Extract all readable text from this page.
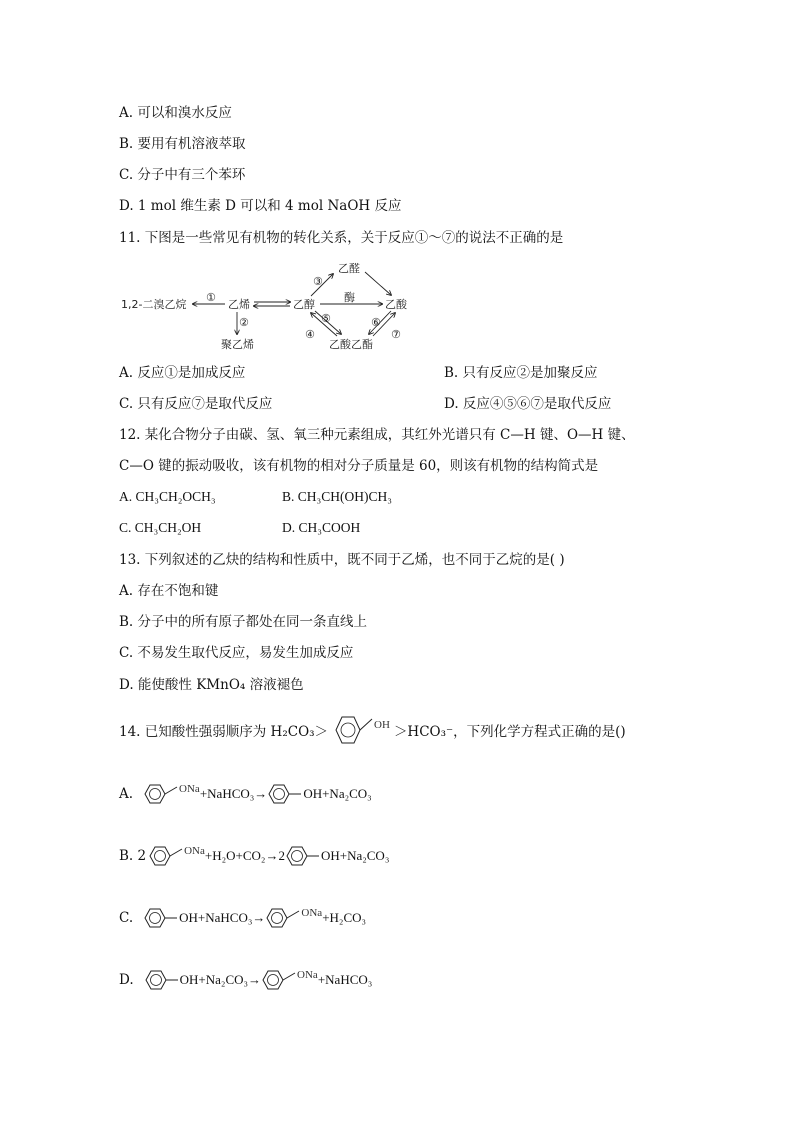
A. 可以和溴水反应
B. 要用有机溶液萃取
C. 分子中有三个苯环
D. 1 mol 维生素 D 可以和 4 mol NaOH 反应
11. 下图是一些常见有机物的转化关系，关于反应①～⑦的说法不正确的是
1,2-二溴乙烷	乙烯
聚乙烯
乙醇
乙醛
乙酸
乙酸乙酯
酶
①
②
③
④
⑤	⑥
⑦
A. 反应①是加成反应	B. 只有反应②是加聚反应
C. 只有反应⑦是取代反应	D. 反应④⑤⑥⑦是取代反应
12. 某化合物分子由碳、氢、氧三种元素组成，其红外光谱只有 C—H 键、O—H 键、
C—O 键的振动吸收，该有机物的相对分子质量是 60，则该有机物的结构简式是
A. CH₃CH₂OCH₃	B. CH₃CH(OH)CH₃
C. CH₃CH₂OH	D. CH₃COOH
13. 下列叙述的乙炔的结构和性质中，既不同于乙烯，也不同于乙烷的是( )
A. 存在不饱和键
B. 分子中的所有原子都处在同一条直线上
C. 不易发生取代反应，易发生加成反应
D. 能使酸性 KMnO₄ 溶液褪色
14. 已知酸性强弱顺序为 H₂CO₃＞	OH ＞HCO₃⁻，下列化学方程式正确的是()
A.	ONa +NaHCO₃→	OH +Na₂CO₃
B. 2	ONa +H₂O+CO₂→2	OH +Na₂CO₃
C.	OH +NaHCO₃→	ONa +H₂CO₃
D.	OH +Na₂CO₃→	ONa +NaHCO₃
